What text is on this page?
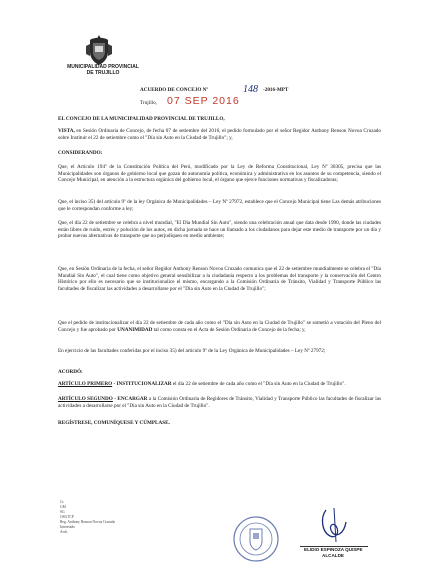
MUNICIPALIDAD PROVINCIAL
DE TRUJILLO
ACUERDO DE CONCEJO Nº	148 -2016-MPT
Trujillo, 07 SEP 2016
EL CONCEJO DE LA MUNICIPALIDAD PROVINCIAL DE TRUJILLO,
VISTA, en Sesión Ordinaria de Concejo, de fecha 07 de setiembre del 2016, el pedido formulado por el señor Regidor Anthony Renson Novoa Cruzado sobre Instituir el 22 de setiembre como el "Día sin Auto en la Ciudad de Trujillo"; y,
CONSIDERANDO:
Que, el Artículo 194º de la Constitución Política del Perú, modificado por la Ley de Reforma Constitucional, Ley Nº 30305, precisa que las Municipalidades son órganos de gobierno local que gozan de autonomía política, económica y administrativa en los asuntos de su competencia, siendo el Concejo Municipal, en atención a la estructura orgánica del gobierno local, el órgano que ejerce funciones normativas y fiscalizadoras;
Que, el inciso 35) del artículo 9º de la ley Orgánica de Municipalidades – Ley Nº 27972, establece que el Concejo Municipal tiene Las demás atribuciones que le correspondan conforme a ley;
Que, el día 22 de setiembre se celebra a nivel mundial, "El Día Mundial Sin Auto", siendo una celebración anual que data desde 1990, donde las ciudades están libres de ruido, estrés y polución de los autos, en dicha jornada se hace un llamado a los ciudadanos para dejar este medio de transporte por un día y probar nuevas alternativas de transporte que no perjudiquen en medio ambiente;
Que, en Sesión Ordinaria de la fecha, el señor Regidor Anthony Renson Novoa Cruzado comunica que el 22 de setiembre mundialmente se celebra el "Día Mundial Sin Auto", el cual tiene como objetivo general sensibilizar a la ciudadanía respecto a los problemas del transporte y la conservación del Centro Histórico por ello es necesario que se institucionalice el mismo, encargando a la Comisión Ordinaria de Tránsito, Vialidad y Transporte Público las facultades de fiscalizar las actividades a desarrollarse por el "Día sin Auto en la Ciudad de Trujillo";
Que el pedido de institucionalizar el día 22 de setiembre de cada año como el "Día sin Auto en la Ciudad de Trujillo" se sometió a votación del Pleno del Concejo y fue aprobado por UNANIMIDAD tal como consta en el Acta de Sesión Ordinaria de Concejo de la fecha; y,
En ejercicio de las facultades conferidas por el inciso 35) del artículo 9º de la Ley Orgánica de Municipalidades – Ley Nº 27972;
ACORDÓ:
ARTÍCULO PRIMERO - INSTITUCIONALIZAR el día 22 de setiembre de cada año como el "Día sin Auto en la Ciudad de Trujillo".
ARTÍCULO SEGUNDO - ENCARGAR a la Comisión Ordinaria de Regidores de Tránsito, Vialidad y Transporte Público las facultades de fiscalizar las actividades a desarrollarse por el "Día sin Auto en la Ciudad de Trujillo".
REGÍSTRESE, COMUNÍQUESE Y CÚMPLASE.
Cc
GM
SG
OSGTCP
Reg. Anthony Renson Novoa Cruzado
Interesado
Arch.
ELIDIO ESPINOZA QUISPE
ALCALDE
